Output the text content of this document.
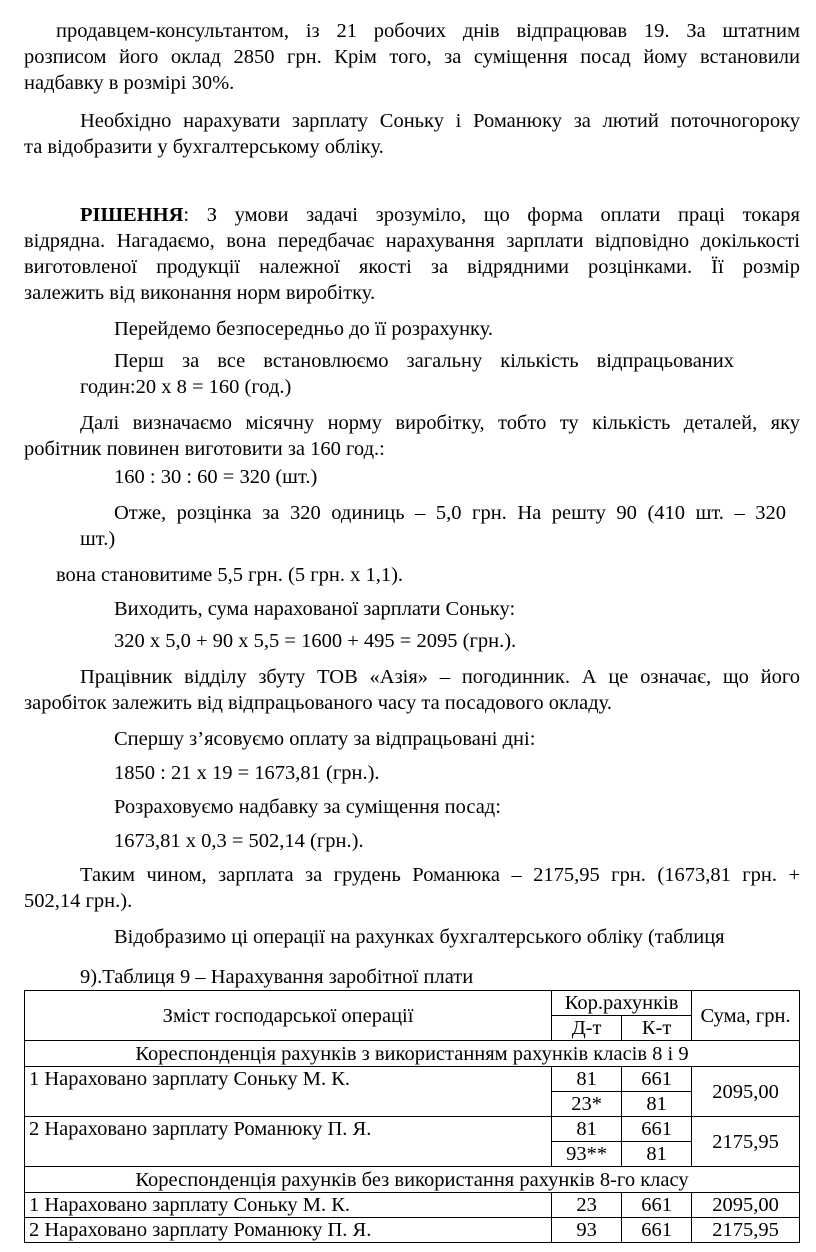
продавцем-консультантом, із 21 робочих днів відпрацював 19. За штатним
розписом його оклад 2850 грн. Крім того, за суміщення посад йому встановили
надбавку в розмірі 30%.
Необхідно нарахувати зарплату Соньку і Романюку за лютий поточногороку
та відобразити у бухгалтерському обліку.
РІШЕННЯ: З умови задачі зрозуміло, що форма оплати праці токаря
відрядна. Нагадаємо, вона передбачає нарахування зарплати відповідно докількості
виготовленої продукції належної якості за відрядними розцінками. Її розмір
залежить від виконання норм виробітку.
Перейдемо безпосередньо до її розрахунку.
Перш за все встановлюємо загальну кількість відпрацьованих
годин:20 х 8 = 160 (год.)
Далі визначаємо місячну норму виробітку, тобто ту кількість деталей, яку
робітник повинен виготовити за 160 год.:
160 : 30 : 60 = 320 (шт.)
Отже, розцінка за 320 одиниць – 5,0 грн. На решту 90 (410 шт. – 320
шт.)
вона становитиме 5,5 грн. (5 грн. х 1,1).
Виходить, сума нарахованої зарплати Соньку:
320 х 5,0 + 90 х 5,5 = 1600 + 495 = 2095 (грн.).
Працівник відділу збуту ТОВ «Азія» – погодинник. А це означає, що його
заробіток залежить від відпрацьованого часу та посадового окладу.
Спершу з’ясовуємо оплату за відпрацьовані дні:
1850 : 21 х 19 = 1673,81 (грн.).
Розраховуємо надбавку за суміщення посад:
1673,81 х 0,3 = 502,14 (грн.).
Таким чином, зарплата за грудень Романюка – 2175,95 грн. (1673,81 грн. +
502,14 грн.).
Відобразимо ці операції на рахунках бухгалтерського обліку (таблиця
9).Таблиця 9 – Нарахування заробітної плати
Зміст господарської операції	Кор.рахунків		Сума, грн.
	Д-т	К-т	
Кореспонденція рахунків з використанням рахунків класів 8 і 9			
1 Нараховано зарплату Соньку М. К.	81	661	2095,00
	23*	81	
2 Нараховано зарплату Романюку П. Я.	81	661	2175,95
	93**	81	
Кореспонденція рахунків без використання рахунків 8-го класу			
1 Нараховано зарплату Соньку М. К.	23	661	2095,00
2 Нараховано зарплату Романюку П. Я.	93	661	2175,95
